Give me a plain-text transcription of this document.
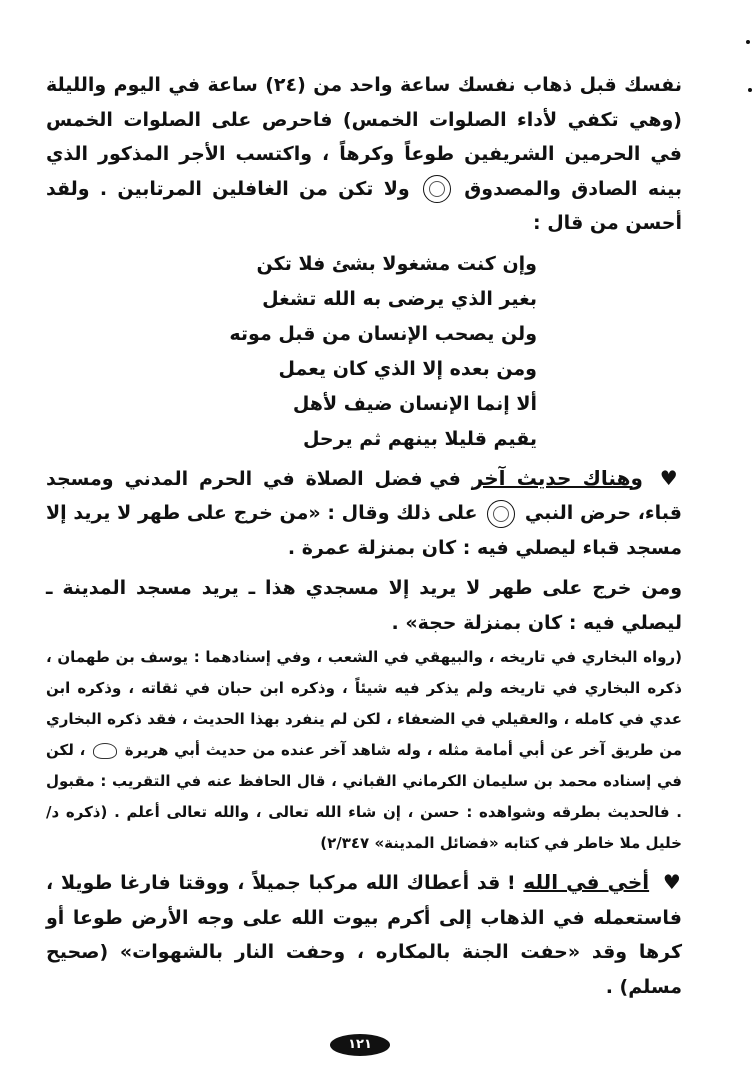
نفسك قبل ذهاب نفسك ساعة واحد من (٢٤) ساعة في اليوم والليلة (وهي تكفي لأداء الصلوات الخمس) فاحرص على الصلوات الخمس في الحرمين الشريفين طوعاً وكرهاً ، واكتسب الأجر المذكور الذي بينه الصادق والمصدوق  ولا تكن من الغافلين المرتابين . ولقد أحسن من قال :

وإن كنت مشغولا بشئ فلا تكن
بغير الذي يرضى به الله تشغل
ولن يصحب الإنسان من قبل موته
ومن بعده إلا الذي كان يعمل
ألا إنما الإنسان ضيف لأهل
يقيم قليلا بينهم ثم يرحل

♥ وهناك حديث آخر في فضل الصلاة في الحرم المدني ومسجد قباء، حرض النبي  على ذلك وقال : «من خرج على طهر لا يريد إلا مسجد قباء ليصلي فيه : كان بمنزلة عمرة .

ومن خرج على طهر لا يريد إلا مسجدي هذا ـ يريد مسجد المدينة ـ ليصلي فيه : كان بمنزلة حجة» .

(رواه البخاري في تاريخه ، والبيهقي في الشعب ، وفي إسنادهما : يوسف بن طهمان ، ذكره البخاري في تاريخه ولم يذكر فيه شيئاً ، وذكره ابن حبان في ثقاته ، وذكره ابن عدي في كامله ، والعقيلي في الضعفاء ، لكن لم ينفرد بهذا الحديث ، فقد ذكره البخاري من طريق آخر عن أبي أمامة مثله ، وله شاهد آخر عنده من حديث أبي هريرة  ، لكن في إسناده محمد بن سليمان الكرماني القباني ، قال الحافظ عنه في التقريب : مقبول . فالحديث بطرقه وشواهده : حسن ، إن شاء الله تعالى ، والله تعالى أعلم . (ذكره د/خليل ملا خاطر في كتابه «فضائل المدينة» ٢/٣٤٧)

♥ أخي في الله ! قد أعطاك الله مركبا جميلاً ، ووقتا فارغا طويلا ، فاستعمله في الذهاب إلى أكرم بيوت الله على وجه الأرض طوعا أو كرها وقد «حفت الجنة بالمكاره ، وحفت النار بالشهوات» (صحيح مسلم) .

١٢١
